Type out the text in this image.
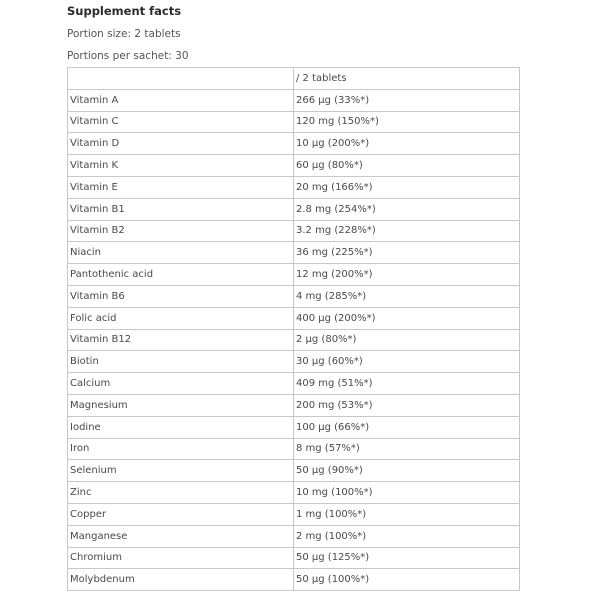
Supplement facts

Portion size: 2 tablets

Portions per sachet: 30

	/ 2 tablets
Vitamin A	266 µg (33%*)
Vitamin C	120 mg (150%*)
Vitamin D	10 µg (200%*)
Vitamin K	60 µg (80%*)
Vitamin E	20 mg (166%*)
Vitamin B1	2.8 mg (254%*)
Vitamin B2	3.2 mg (228%*)
Niacin	36 mg (225%*)
Pantothenic acid	12 mg (200%*)
Vitamin B6	4 mg (285%*)
Folic acid	400 µg (200%*)
Vitamin B12	2 µg (80%*)
Biotin	30 µg (60%*)
Calcium	409 mg (51%*)
Magnesium	200 mg (53%*)
Iodine	100 µg (66%*)
Iron	8 mg (57%*)
Selenium	50 µg (90%*)
Zinc	10 mg (100%*)
Copper	1 mg (100%*)
Manganese	2 mg (100%*)
Chromium	50 µg (125%*)
Molybdenum	50 µg (100%*)
